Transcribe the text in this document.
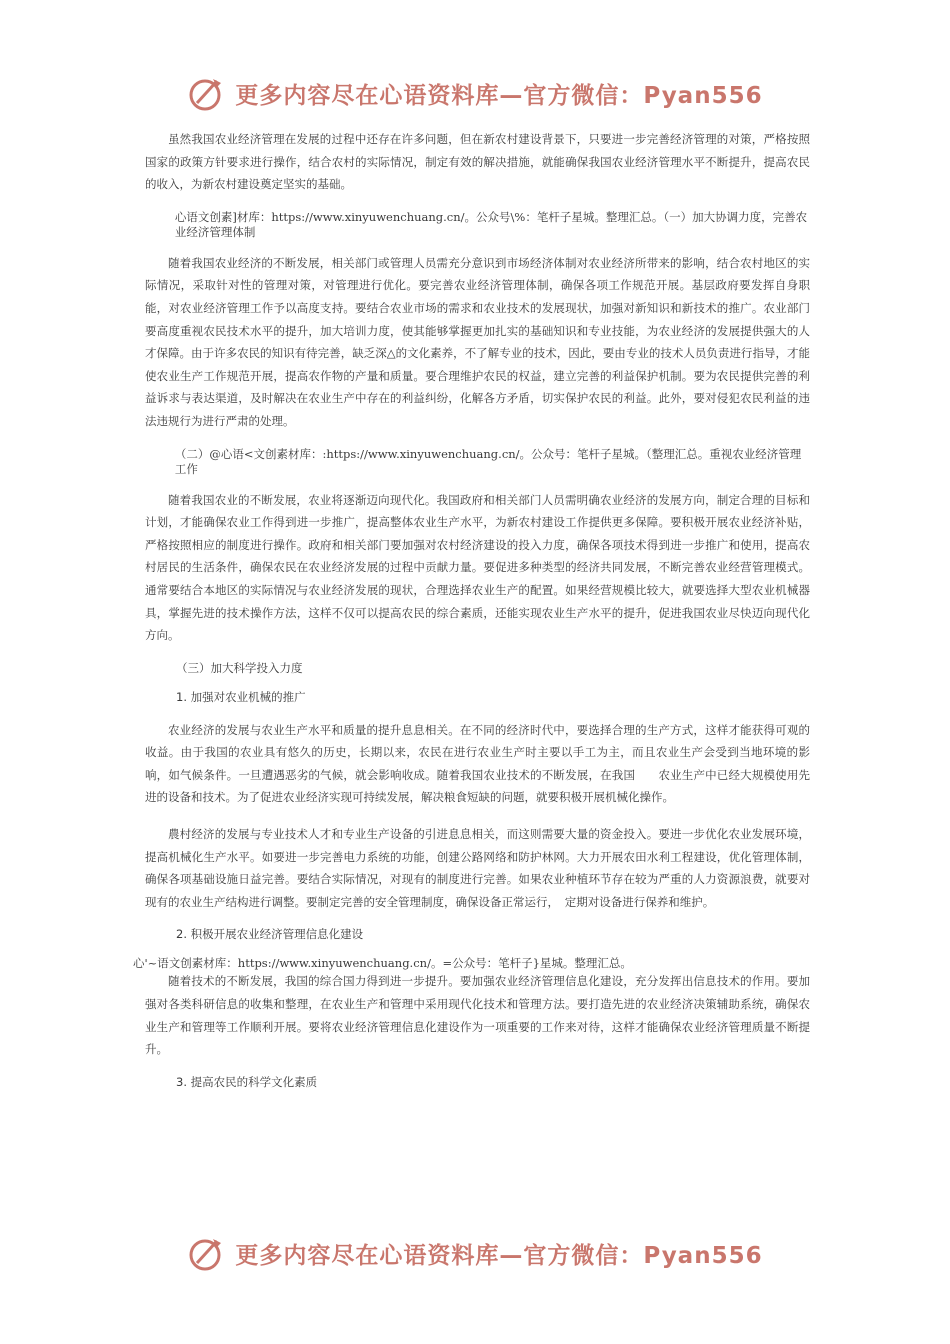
更多内容尽在心语资料库—官方微信：Pyan556

虽然我国农业经济管理在发展的过程中还存在许多问题，但在新农村建设背景下，只要进一步完善经济管理的对策，严格按照国家的政策方针要求进行操作，结合农村的实际情况，制定有效的解决措施，就能确保我国农业经济管理水平不断提升，提高农民的收入，为新农村建设奠定坚实的基础。

心语文创素]材库：https://www.xinyuwenchuang.cn/。公众号\%：笔杆子星城。整理汇总。（一）加大协调力度，完善农业经济管理体制

随着我国农业经济的不断发展，相关部门或管理人员需充分意识到市场经济体制对农业经济所带来的影响，结合农村地区的实际情况，采取针对性的管理对策，对管理进行优化。要完善农业经济管理体制，确保各项工作规范开展。基层政府要发挥自身职能，对农业经济管理工作予以高度支持。要结合农业市场的需求和农业技术的发展现状，加强对新知识和新技术的推广。农业部门要高度重视农民技术水平的提升，加大培训力度，使其能够掌握更加扎实的基础知识和专业技能，为农业经济的发展提供强大的人才保障。由于许多农民的知识有待完善，缺乏深△的文化素养，不了解专业的技术，因此，要由专业的技术人员负责进行指导，才能使农业生产工作规范开展，提高农作物的产量和质量。要合理维护农民的权益，建立完善的利益保护机制。要为农民提供完善的利益诉求与表达渠道，及时解决在农业生产中存在的利益纠纷，化解各方矛盾，切实保护农民的利益。此外，要对侵犯农民利益的违法违规行为进行严肃的处理。

（二）@心语<文创素材库：:https://www.xinyuwenchuang.cn/。公众号：笔杆子星城。（整理汇总。重视农业经济管理工作

随着我国农业的不断发展，农业将逐渐迈向现代化。我国政府和相关部门人员需明确农业经济的发展方向，制定合理的目标和计划，才能确保农业工作得到进一步推广，提高整体农业生产水平，为新农村建设工作提供更多保障。要积极开展农业经济补贴，严格按照相应的制度进行操作。政府和相关部门要加强对农村经济建设的投入力度，确保各项技术得到进一步推广和使用，提高农村居民的生活条件，确保农民在农业经济发展的过程中贡献力量。要促进多种类型的经济共同发展，不断完善农业经营管理模式。通常要结合本地区的实际情况与农业经济发展的现状，合理选择农业生产的配置。如果经营规模比较大，就要选择大型农业机械器具，掌握先进的技术操作方法，这样不仅可以提高农民的综合素质，还能实现农业生产水平的提升，促进我国农业尽快迈向现代化方向。

（三）加大科学投入力度

1. 加强对农业机械的推广

农业经济的发展与农业生产水平和质量的提升息息相关。在不同的经济时代中，要选择合理的生产方式，这样才能获得可观的收益。由于我国的农业具有悠久的历史，长期以来，农民在进行农业生产时主要以手工为主，而且农业生产会受到当地环境的影响，如气候条件。一旦遭遇恶劣的气候，就会影响收成。随着我国农业技术的不断发展，在我国　　农业生产中已经大规模使用先进的设备和技术。为了促进农业经济实现可持续发展，解决粮食短缺的问题，就要积极开展机械化操作。

農村经济的发展与专业技术人才和专业生产设备的引进息息相关，而这则需要大量的资金投入。要进一步优化农业发展环境，提高机械化生产水平。如要进一步完善电力系统的功能，创建公路网络和防护林网。大力开展农田水利工程建设，优化管理体制，确保各项基础设施日益完善。要结合实际情况，对现有的制度进行完善。如果农业种植环节存在较为严重的人力资源浪费，就要对现有的农业生产结构进行调整。要制定完善的安全管理制度，确保设备正常运行，　定期对设备进行保养和维护。

2. 积极开展农业经济管理信息化建设

心'~语文创素材库：https://www.xinyuwenchuang.cn/。=公众号：笔杆子}星城。整理汇总。

随着技术的不断发展，我国的综合国力得到进一步提升。要加强农业经济管理信息化建设，充分发挥出信息技术的作用。要加强对各类科研信息的收集和整理，在农业生产和管理中采用现代化技术和管理方法。要打造先进的农业经济决策辅助系统，确保农业生产和管理等工作顺利开展。要将农业经济管理信息化建设作为一项重要的工作来对待，这样才能确保农业经济管理质量不断提升。

3. 提高农民的科学文化素质

更多内容尽在心语资料库—官方微信：Pyan556
